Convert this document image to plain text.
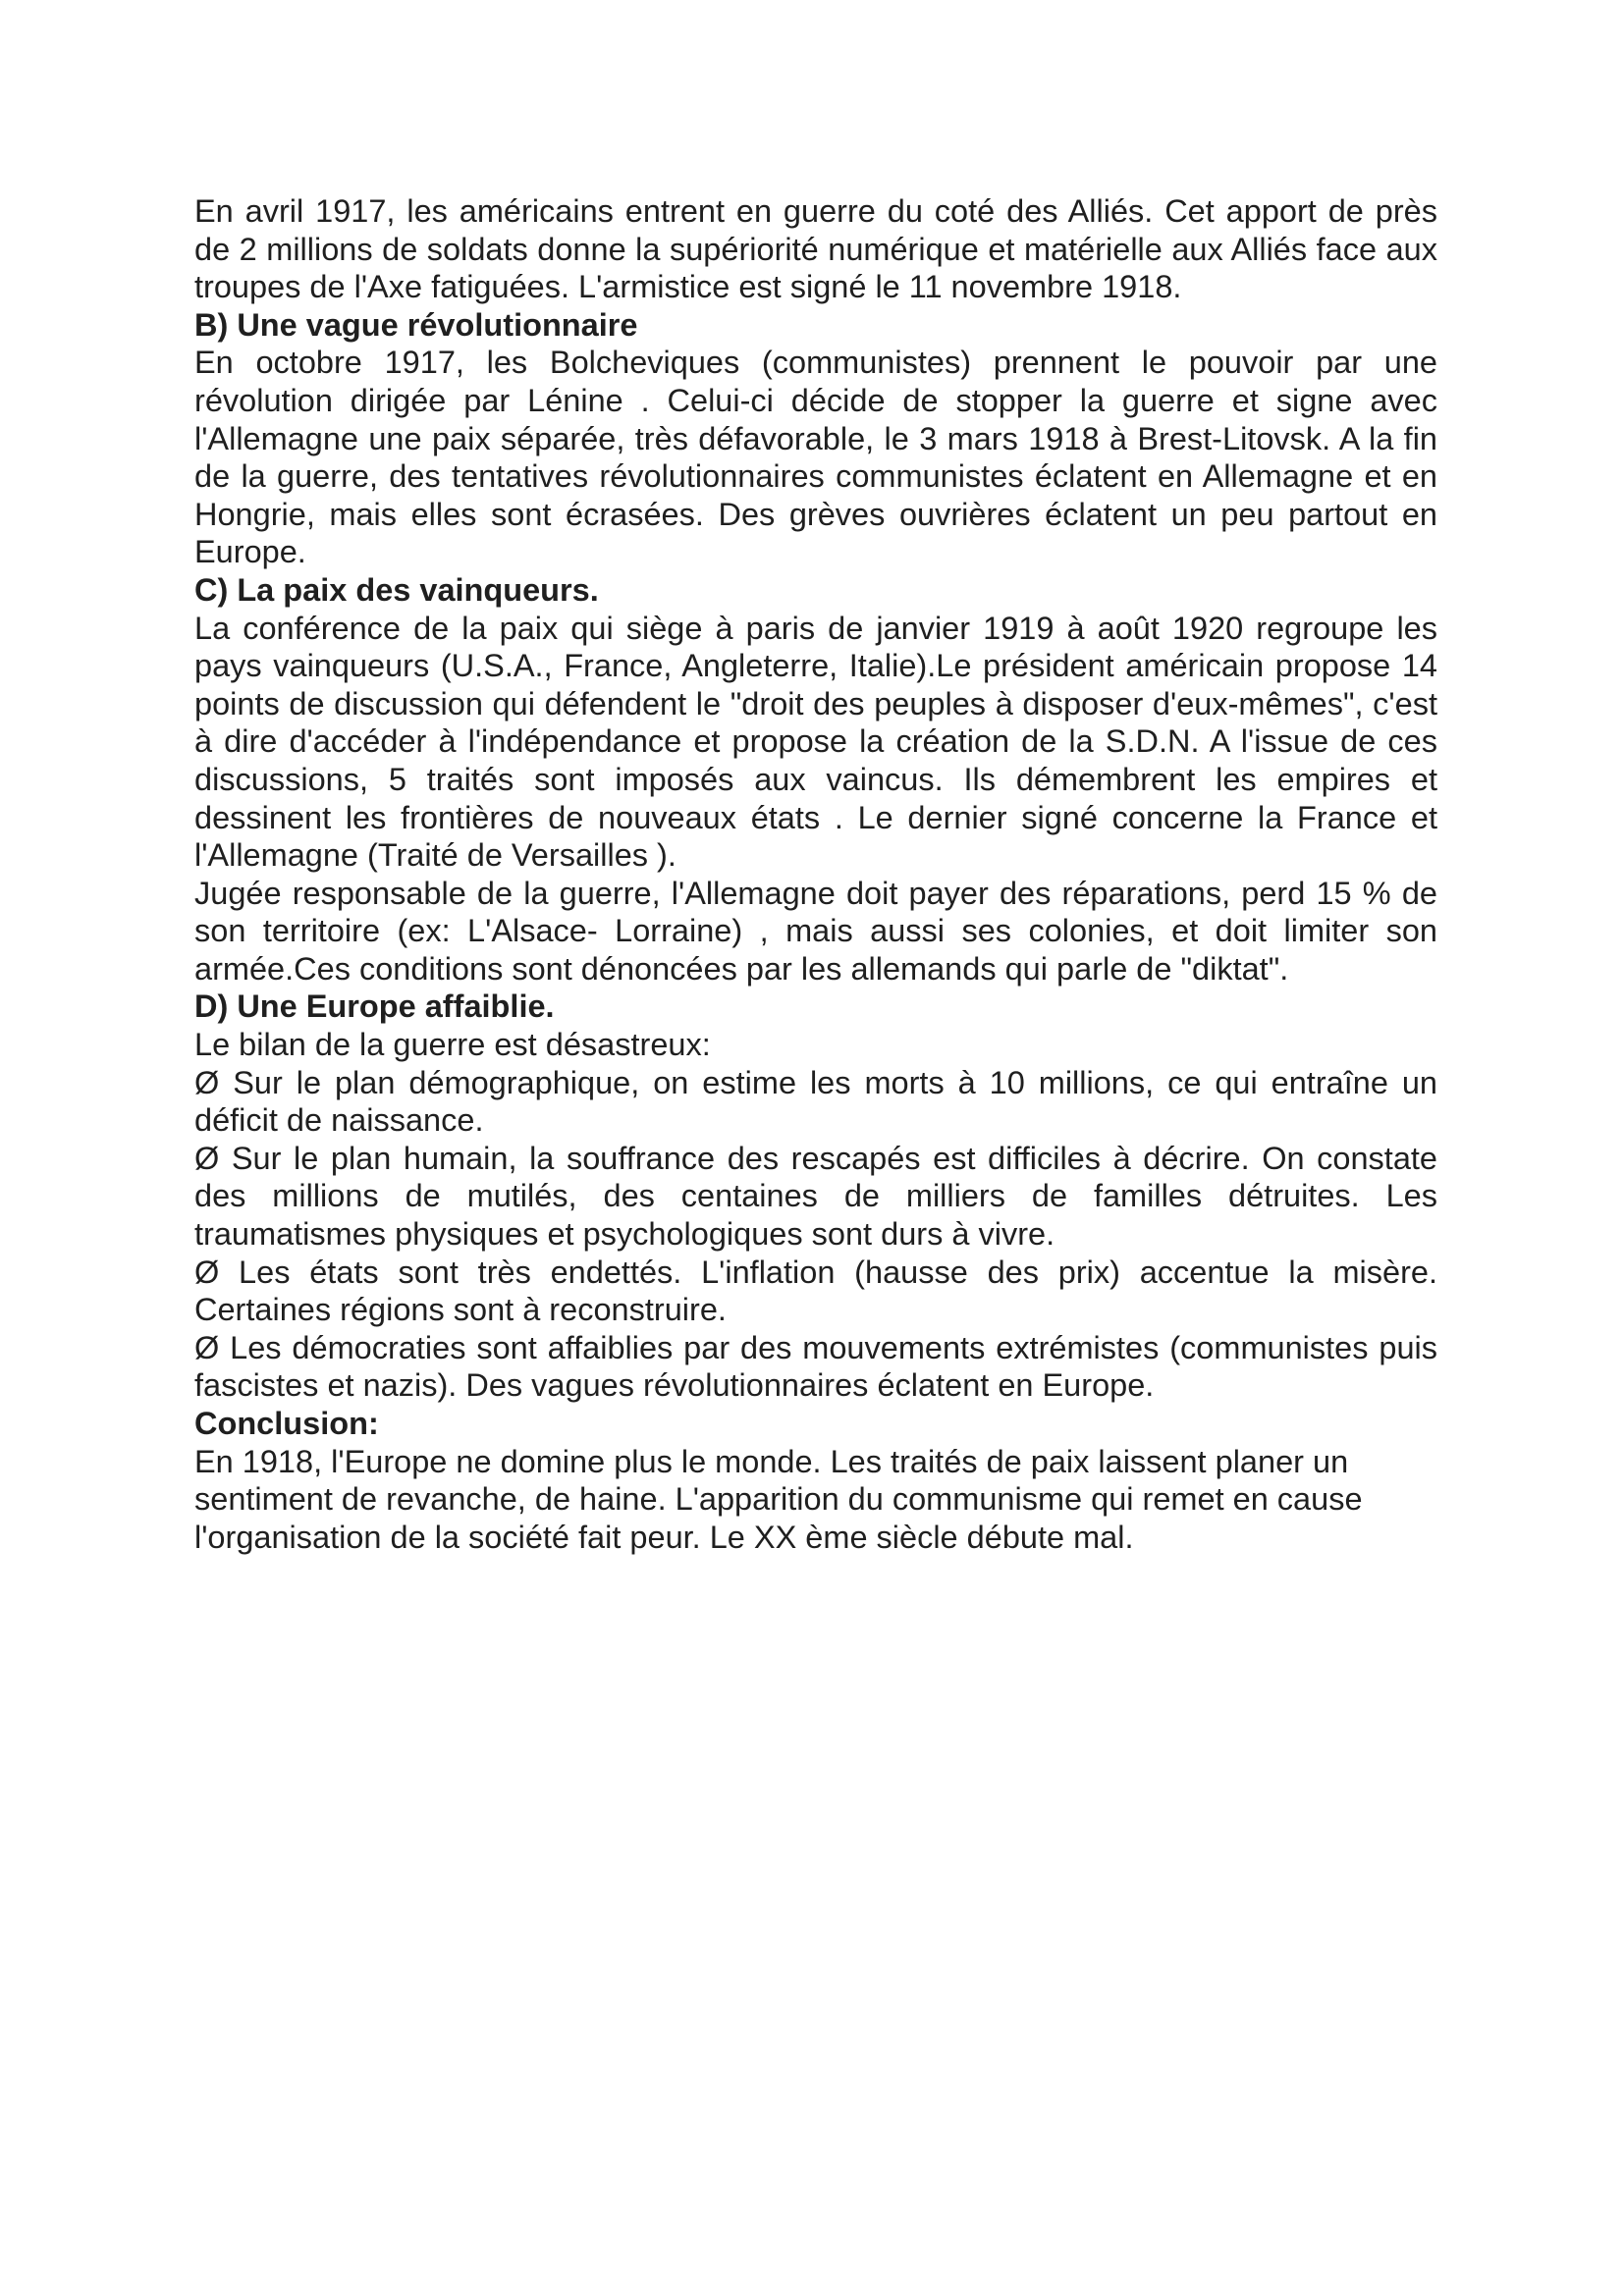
En avril 1917, les américains entrent en guerre du coté des Alliés. Cet apport de près de 2 millions de soldats donne la supériorité numérique et matérielle aux Alliés face aux troupes de l'Axe fatiguées. L'armistice est signé le 11 novembre 1918.

B) Une vague révolutionnaire

En octobre 1917, les Bolcheviques (communistes) prennent le pouvoir par une révolution dirigée par Lénine . Celui-ci décide de stopper la guerre et signe avec l'Allemagne une paix séparée, très défavorable, le 3 mars 1918 à Brest-Litovsk. A la fin de la guerre, des tentatives révolutionnaires communistes éclatent en Allemagne et en Hongrie, mais elles sont écrasées. Des grèves ouvrières éclatent un peu partout en Europe.

C) La paix des vainqueurs.

La conférence de la paix qui siège à paris de janvier 1919 à août 1920 regroupe les pays vainqueurs (U.S.A., France, Angleterre, Italie).Le président américain propose 14 points de discussion qui défendent le "droit des peuples à disposer d'eux-mêmes", c'est à dire d'accéder à l'indépendance et propose la création de la S.D.N. A l'issue de ces discussions, 5 traités sont imposés aux vaincus. Ils démembrent les empires et dessinent les frontières de nouveaux états . Le dernier signé concerne la France et l'Allemagne (Traité de Versailles ).

Jugée responsable de la guerre, l'Allemagne doit payer des réparations, perd 15 % de son territoire (ex: L'Alsace- Lorraine) , mais aussi ses colonies, et doit limiter son armée.Ces conditions sont dénoncées par les allemands qui parle de "diktat".

D) Une Europe affaiblie.

Le bilan de la guerre est désastreux:

Ø Sur le plan démographique, on estime les morts à 10 millions, ce qui entraîne un déficit de naissance.

Ø Sur le plan humain, la souffrance des rescapés est difficiles à décrire. On constate des millions de mutilés, des centaines de milliers de familles détruites. Les traumatismes physiques et psychologiques sont durs à vivre.

Ø Les états sont très endettés. L'inflation (hausse des prix) accentue la misère. Certaines régions sont à reconstruire.

Ø Les démocraties sont affaiblies par des mouvements extrémistes (communistes puis fascistes et nazis). Des vagues révolutionnaires éclatent en Europe.

Conclusion:

En 1918, l'Europe ne domine plus le monde. Les traités de paix laissent planer un sentiment de revanche, de haine. L'apparition du communisme qui remet en cause l'organisation de la société fait peur. Le XX ème siècle débute mal.
